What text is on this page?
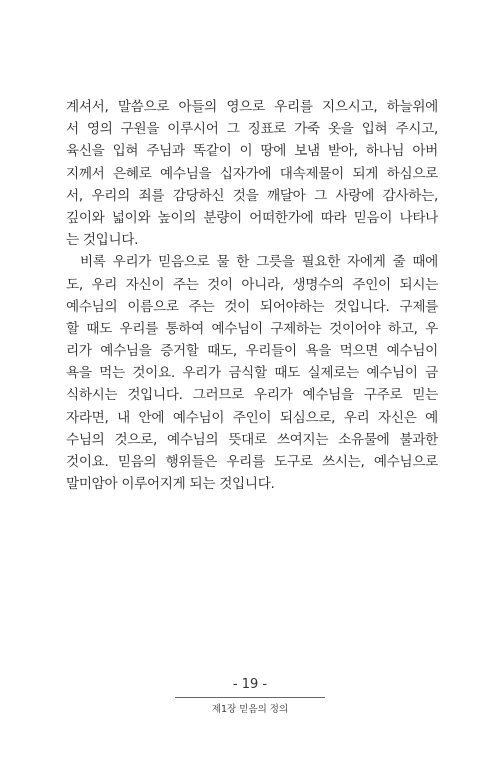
계셔서, 말씀으로 아들의 영으로 우리를 지으시고, 하늘위에
서 영의 구원을 이루시어 그 징표로 가죽 옷을 입혀 주시고,
육신을 입혀 주님과 똑같이 이 땅에 보냄 받아, 하나님 아버
지께서 은혜로 예수님을 십자가에 대속제물이 되게 하심으로
서, 우리의 죄를 감당하신 것을 깨달아 그 사랑에 감사하는,
깊이와 넓이와 높이의 분량이 어떠한가에 따라 믿음이 나타나
는 것입니다.
비록 우리가 믿음으로 물 한 그릇을 필요한 자에게 줄 때에
도, 우리 자신이 주는 것이 아니라, 생명수의 주인이 되시는
예수님의 이름으로 주는 것이 되어야하는 것입니다. 구제를
할 때도 우리를 통하여 예수님이 구제하는 것이어야 하고, 우
리가 예수님을 증거할 때도, 우리들이 욕을 먹으면 예수님이
욕을 먹는 것이요. 우리가 금식할 때도 실제로는 예수님이 금
식하시는 것입니다. 그러므로 우리가 예수님을 구주로 믿는
자라면, 내 안에 예수님이 주인이 되심으로, 우리 자신은 예
수님의 것으로, 예수님의 뜻대로 쓰여지는 소유물에 불과한
것이요. 믿음의 행위들은 우리를 도구로 쓰시는, 예수님으로
말미암아 이루어지게 되는 것입니다.
- 19 -
제1장 믿음의 정의
